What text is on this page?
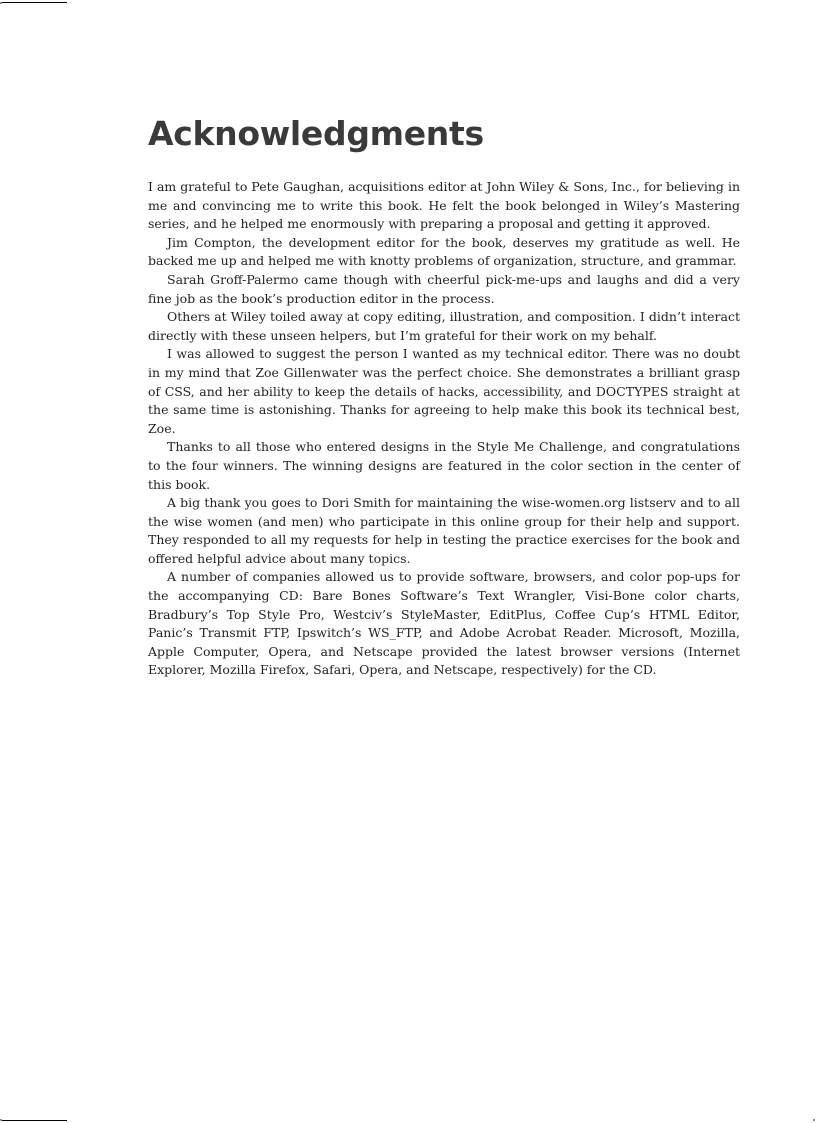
Acknowledgments

I am grateful to Pete Gaughan, acquisitions editor at John Wiley & Sons, Inc., for believing in me and convincing me to write this book. He felt the book belonged in Wiley’s Mastering series, and he helped me enormously with preparing a proposal and getting it approved.

Jim Compton, the development editor for the book, deserves my gratitude as well. He backed me up and helped me with knotty problems of organization, structure, and grammar.

Sarah Groff-Palermo came though with cheerful pick-me-ups and laughs and did a very fine job as the book’s production editor in the process.

Others at Wiley toiled away at copy editing, illustration, and composition. I didn’t interact directly with these unseen helpers, but I’m grateful for their work on my behalf.

I was allowed to suggest the person I wanted as my technical editor. There was no doubt in my mind that Zoe Gillenwater was the perfect choice. She demonstrates a brilliant grasp of CSS, and her ability to keep the details of hacks, accessibility, and DOCTYPES straight at the same time is astonishing. Thanks for agreeing to help make this book its technical best, Zoe.

Thanks to all those who entered designs in the Style Me Challenge, and congratulations to the four winners. The winning designs are featured in the color section in the center of this book.

A big thank you goes to Dori Smith for maintaining the wise-women.org listserv and to all the wise women (and men) who participate in this online group for their help and support. They responded to all my requests for help in testing the practice exercises for the book and offered helpful advice about many topics.

A number of companies allowed us to provide software, browsers, and color pop-ups for the accompanying CD: Bare Bones Software’s Text Wrangler, Visi-Bone color charts, Bradbury’s Top Style Pro, Westciv’s StyleMaster, EditPlus, Coffee Cup’s HTML Editor, Panic’s Transmit FTP, Ipswitch’s WS_FTP, and Adobe Acrobat Reader. Microsoft, Mozilla, Apple Computer, Opera, and Netscape provided the latest browser versions (Internet Explorer, Mozilla Firefox, Safari, Opera, and Netscape, respectively) for the CD.
